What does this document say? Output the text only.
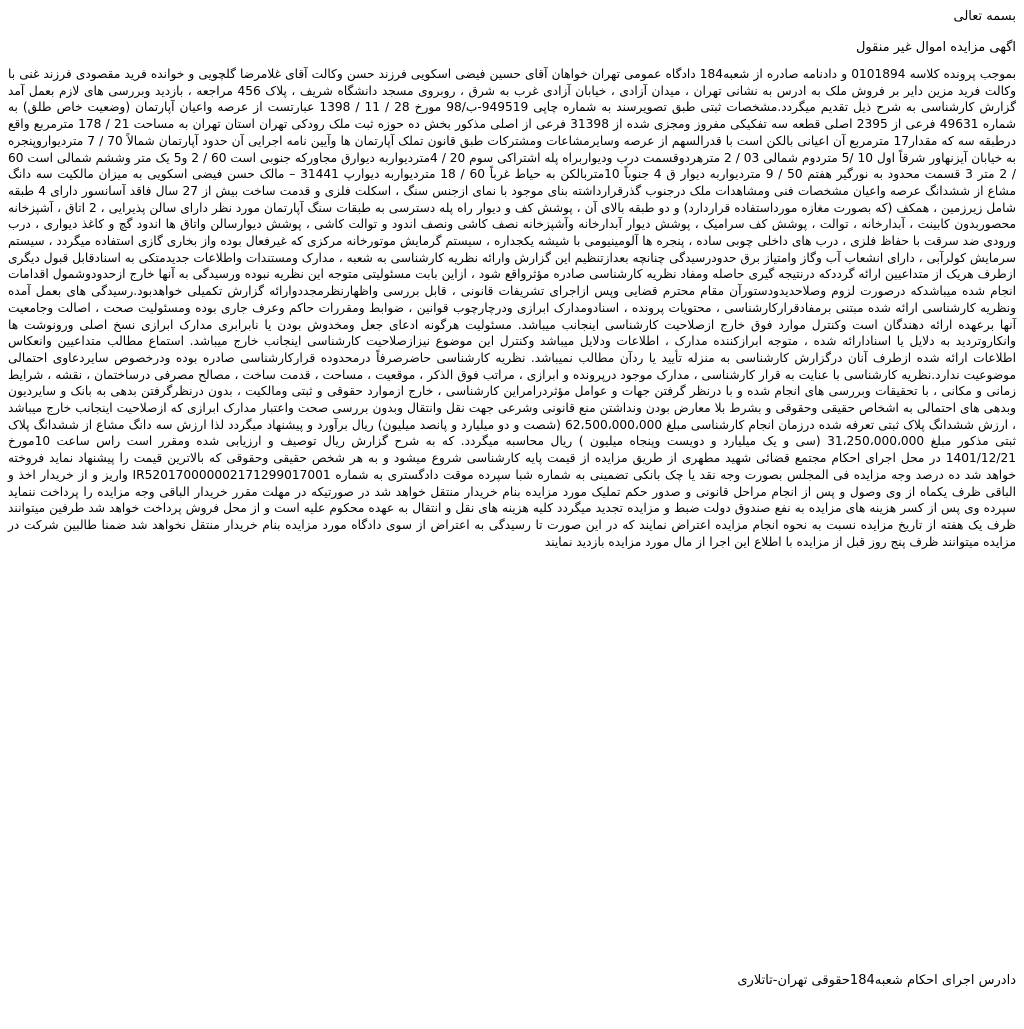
بسمه تعالی

اگهی مزایده اموال غیر منقول

بموجب پرونده کلاسه 0101894 و دادنامه صادره از شعبه184 دادگاه عمومی تهران خواهان آقای حسین فیضی اسکویی فرزند حسن وکالت آقای غلامرضا گلچویی و خوانده فرید مقصودی فرزند غنی با وکالت فرید مزین دایر بر فروش ملک به ادرس به نشانی تهران ، میدان آزادی ، خیابان آزادی غرب به شرق ، روبروی مسجد دانشگاه شریف ، پلاک 456 مراجعه ، بازدید وبررسی های لازم بعمل آمد گزارش کارشناسی به شرح ذیل تقدیم میگردد.مشخصات ثبتی طبق تصویرسند به شماره چاپی 949519-ب/98 مورخ 28 / 11 / 1398 عبارتست از عرصه واعیان آپارتمان (وضعیت خاص طلق) به شماره 49631 فرعی از 2395 اصلی قطعه سه تفکیکی مفروز ومجزی شده از 31398 فرعی از اصلی مذکور بخش ده حوزه ثبت ملک رودکی تهران استان تهران به مساحت 21 / 178 مترمربع واقع درطبقه سه که مقدار17 مترمربع آن اعیانی بالکن است با قدرالسهم از عرصه وسایرمشاعات ومشترکات طبق قانون تملک آپارتمان ها وآیین نامه اجرایی آن حدود آپارتمان شمالاً 70 / 7 متردیواروپنجره به خیابان آیزنهاور شرقاً اول 10 /5 متردوم شمالی 03 / 2 مترهردوقسمت درب ودیواربراه پله اشتراکی سوم 20 / 4متردیواربه دیوارق مجاورکه جنوبی است 60 / 2 و5 یک متر وششم شمالی است 60 / 2 متر 3 قسمت محدود به نورگیر هفتم 50 / 9 متردیواربه دیوار ق 4 جنوباً 10متربالکن به حیاط غرباً 60 / 18 متردیواربه دیوارپ 31441 – مالک حسن فیضی اسکویی به میزان مالکیت سه دانگ مشاع از ششدانگ عرصه واعیان مشخصات فنی ومشاهدات ملک درجنوب گذرقرارداشته بنای موجود با نمای ازجنس سنگ ، اسکلت فلزی و قدمت ساخت بیش از 27 سال فاقد آسانسور دارای 4 طبقه شامل زیرزمین ، همکف (که بصورت مغازه مورداستفاده قراردارد) و دو طبقه بالای آن ، پوشش کف و دیوار راه پله دسترسی به طبقات سنگ آپارتمان مورد نظر دارای سالن پذیرایی ، 2 اتاق ، آشپزخانه محصوربدون کابینت ، آبدارخانه ، توالت ، پوشش کف سرامیک ، پوشش دیوار آبدارخانه وآشپزخانه نصف کاشی ونصف اندود و توالت کاشی ، پوشش دیوارسالن واتاق ها اندود گچ و کاغذ دیواری ، درب ورودی ضد سرقت با حفاظ فلزی ، درب های داخلی چوبی ساده ، پنجره ها آلومینیومی با شیشه یکجداره ، سیستم گرمایش موتورخانه مرکزی که غیرفعال بوده واز بخاری گازی استفاده میگردد ، سیستم سرمایش کولرآبی ، دارای انشعاب آب وگاز وامتیاز برق حدودرسیدگی چنانچه بعدازتنظیم این گزارش وارائه نظریه کارشناسی به شعبه ، مدارک ومستندات واطلاعات جدیدمتکی به اسنادقابل قبول دیگری ازطرف هریک از متداعیین ارائه گرددکه درنتیجه گیری حاصله ومفاد نظریه کارشناسی صادره مؤثرواقع شود ، ازاین بابت مسئولیتی متوجه این نظریه نبوده ورسیدگی به آنها خارج ازحدودوشمول اقدامات انجام شده میباشدکه درصورت لزوم وصلاحدیدودستورآن مقام محترم قضایی وپس ازاجرای تشریفات قانونی ، قابل بررسی واظهارنظرمجددوارائه گزارش تکمیلی خواهدبود.رسیدگی های بعمل آمده ونظریه کارشناسی ارائه شده مبتنی برمفادقرارکارشناسی ، محتویات پرونده ، اسنادومدارک ابرازی ودرچارچوب قوانین ، ضوابط ومقررات حاکم وعرف جاری بوده ومسئولیت صحت ، اصالت وجامعیت آنها برعهده ارائه دهندگان است وکنترل موارد فوق خارج ازصلاحیت کارشناسی اینجانب میباشد. مسئولیت هرگونه ادعای جعل ومخدوش بودن یا نابرابری مدارک ابرازی نسخ اصلی ورونوشت ها وانکاروتردید به دلایل یا اسنادارائه شده ، متوجه ابرازکننده مدارک ، اطلاعات ودلایل میباشد وکنترل این موضوع نیزازصلاحیت کارشناسی اینجانب خارج میباشد. استماع مطالب متداعیین وانعکاس اطلاعات ارائه شده ازطرف آنان درگزارش کارشناسی به منزله تأیید یا ردآن مطالب نمیباشد. نظریه کارشناسی حاضرصرفاً درمحدوده قرارکارشناسی صادره بوده ودرخصوص سایردعاوی احتمالی موضوعیت ندارد.نظریه کارشناسی با عنایت به قرار کارشناسی ، مدارک موجود درپرونده و ابرازی ، مراتب فوق الذکر ، موقعیت ، مساحت ، قدمت ساخت ، مصالح مصرفی درساختمان ، نقشه ، شرایط زمانی و مکانی ، با تحقیقات وبررسی های انجام شده و با درنظر گرفتن جهات و عوامل مؤثردرامراین کارشناسی ، خارج ازموارد حقوقی و ثبتی ومالکیت ، بدون درنظرگرفتن بدهی به بانک و سایردیون وبدهی های احتمالی به اشخاص حقیقی وحقوقی و بشرط بلا معارض بودن ونداشتن منع قانونی وشرعی جهت نقل وانتقال وبدون بررسی صحت واعتبار مدارک ابرازی که ازصلاحیت اینجانب خارج میباشد ، ارزش ششدانگ پلاک ثبتی تعرفه شده درزمان انجام کارشناسی مبلغ 62،500،000،000 (شصت و دو میلیارد و پانصد میلیون) ریال برآورد و پیشنهاد میگردد لذا ارزش سه دانگ مشاع از ششدانگ پلاک ثبتی مذکور مبلغ 31،250،000،000 (سی و یک میلیارد و دویست وپنجاه میلیون ) ریال محاسبه میگردد. که به شرح گزارش ریال توصیف و ارزیابی شده ومقرر است راس ساعت 10مورخ 1401/12/21 در محل اجرای احکام مجتمع قضائی شهید مطهری از طریق مزایده از قیمت پایه کارشناسی شروع میشود و به هر شخص حقیقی وحقوقی که بالاترین قیمت را پیشنهاد نماید فروخته خواهد شد ده درصد وجه مزایده فی المجلس بصورت وجه نقد یا چک بانکی تضمینی به شماره شبا سپرده موقت دادگستری به شماره IR520170000002171299017001 واریز و از خریدار اخذ و الباقی ظرف یکماه از وی وصول و پس از انجام مراحل قانونی و صدور حکم تملیک مورد مزایده بنام خریدار منتقل خواهد شد در صورتیکه در مهلت مقرر خریدار الباقی وجه مزایده را پرداخت ننماید سپرده وی پس از کسر هزینه های مزایده به نفع صندوق دولت ضبط و مزایده تجدید میگردد کلیه هزینه های نقل و انتقال به عهده محکوم علیه است و از محل فروش پرداخت خواهد شد طرفین میتوانند ظرف یک هفته از تاریخ مزایده نسبت به نحوه انجام مزایده اعتراض نمایند که در این صورت تا رسیدگی به اعتراض از سوی دادگاه مورد مزایده بنام خریدار منتقل نخواهد شد ضمنا طالبین شرکت در مزایده میتوانند ظرف پنج روز قبل از مزایده با اطلاع این اجرا از مال مورد مزایده بازدید نمایند

دادرس اجرای احکام شعبه184حقوقی تهران-تاتلاری
